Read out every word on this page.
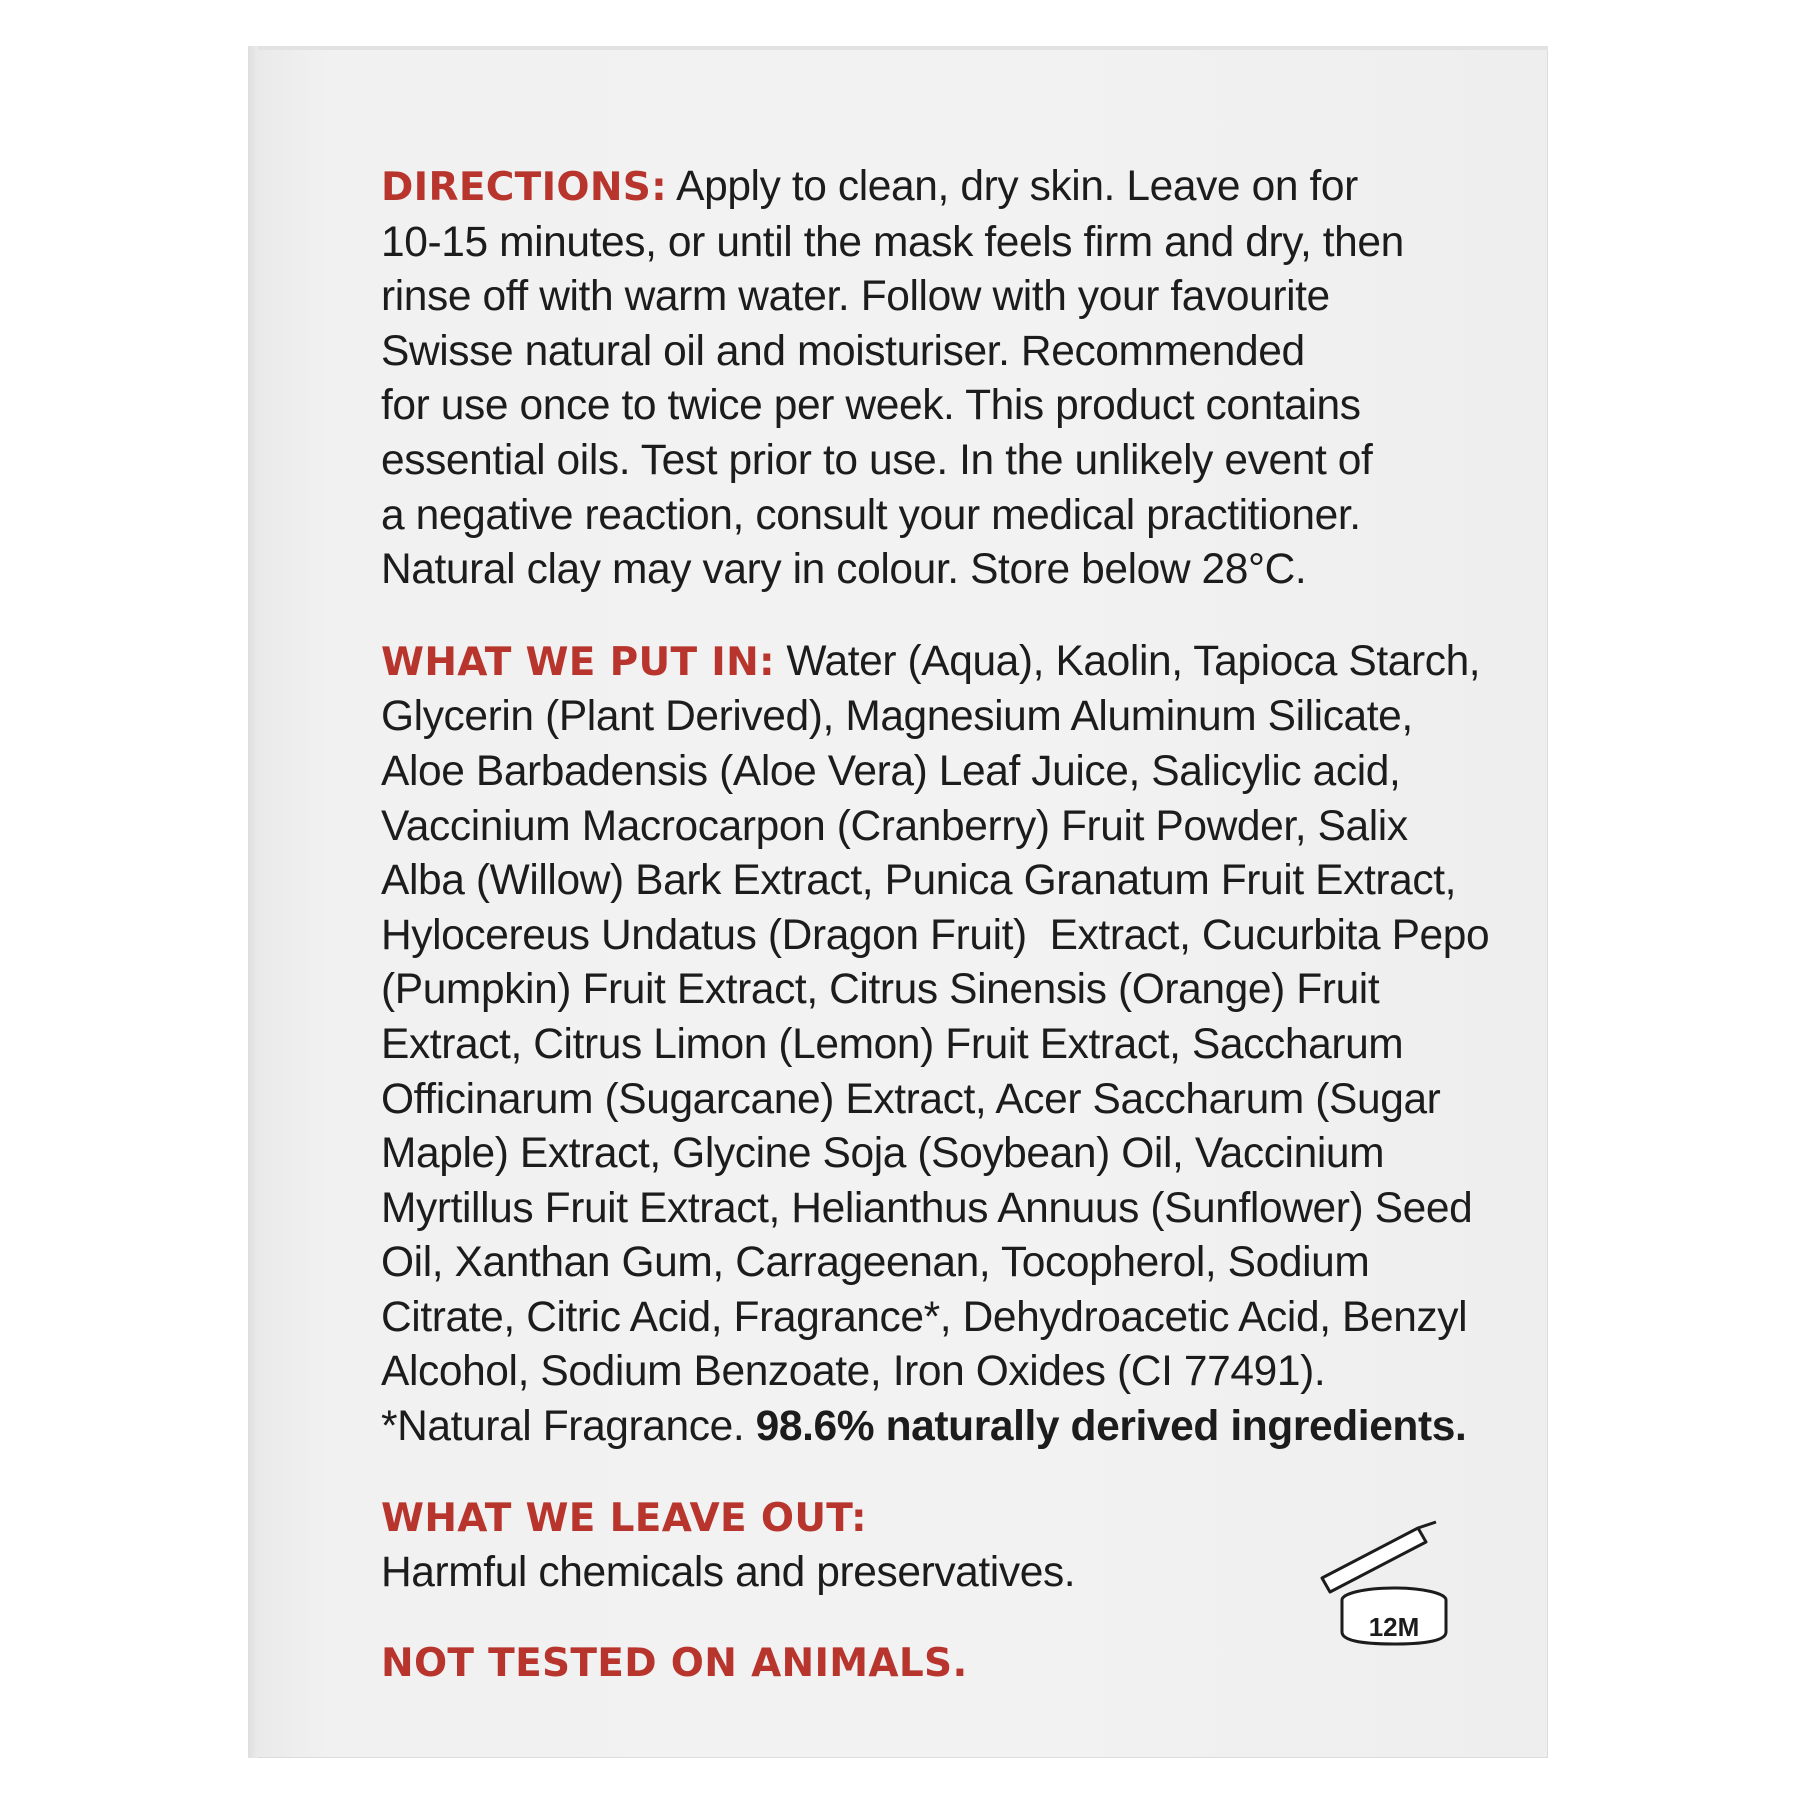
DIRECTIONS: Apply to clean, dry skin. Leave on for
10-15 minutes, or until the mask feels firm and dry, then
rinse off with warm water. Follow with your favourite
Swisse natural oil and moisturiser. Recommended
for use once to twice per week. This product contains
essential oils. Test prior to use. In the unlikely event of
a negative reaction, consult your medical practitioner.
Natural clay may vary in colour. Store below 28°C.

WHAT WE PUT IN: Water (Aqua), Kaolin, Tapioca Starch,
Glycerin (Plant Derived), Magnesium Aluminum Silicate,
Aloe Barbadensis (Aloe Vera) Leaf Juice, Salicylic acid,
Vaccinium Macrocarpon (Cranberry) Fruit Powder, Salix
Alba (Willow) Bark Extract, Punica Granatum Fruit Extract,
Hylocereus Undatus (Dragon Fruit)  Extract, Cucurbita Pepo
(Pumpkin) Fruit Extract, Citrus Sinensis (Orange) Fruit
Extract, Citrus Limon (Lemon) Fruit Extract, Saccharum
Officinarum (Sugarcane) Extract, Acer Saccharum (Sugar
Maple) Extract, Glycine Soja (Soybean) Oil, Vaccinium
Myrtillus Fruit Extract, Helianthus Annuus (Sunflower) Seed
Oil, Xanthan Gum, Carrageenan, Tocopherol, Sodium
Citrate, Citric Acid, Fragrance*, Dehydroacetic Acid, Benzyl
Alcohol, Sodium Benzoate, Iron Oxides (CI 77491).
*Natural Fragrance. 98.6% naturally derived ingredients.

WHAT WE LEAVE OUT:
Harmful chemicals and preservatives.

NOT TESTED ON ANIMALS.

12M
